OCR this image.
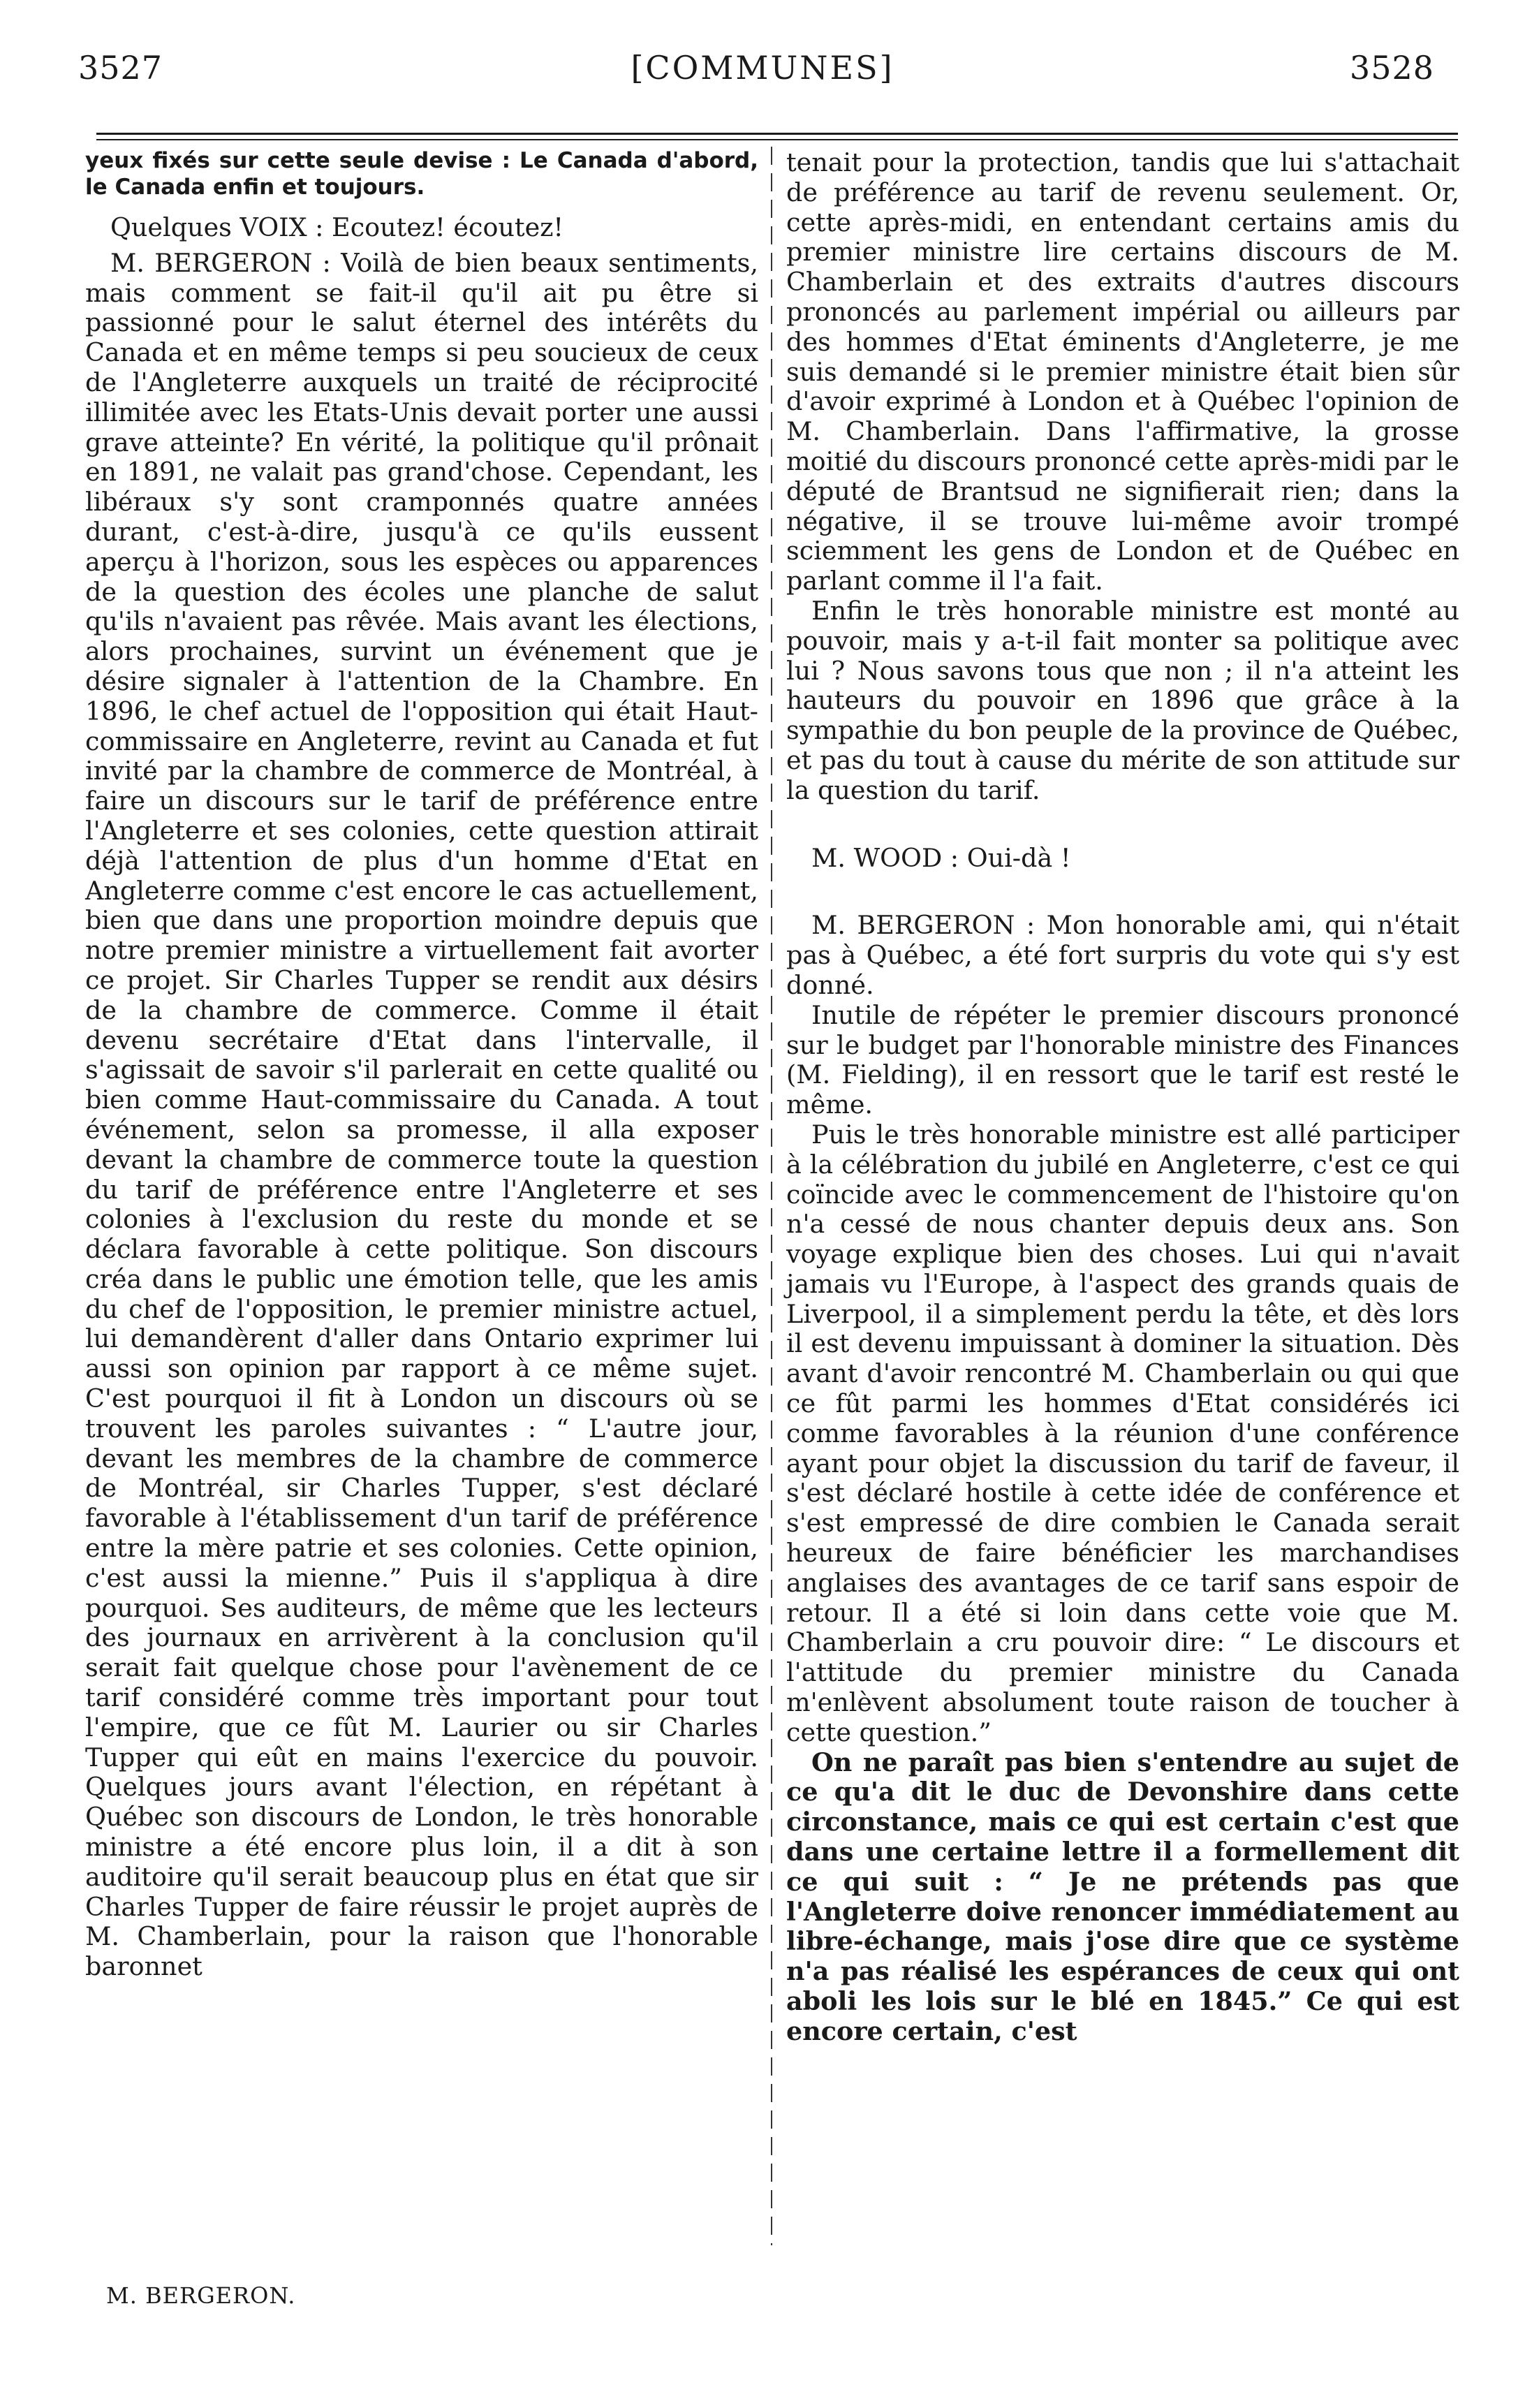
3527	[COMMUNES]	3528

yeux fixés sur cette seule devise : Le Canada d'abord, le Canada enfin et toujours.

Quelques VOIX : Ecoutez! écoutez!

M. BERGERON : Voilà de bien beaux sentiments, mais comment se fait-il qu'il ait pu être si passionné pour le salut éternel des intérêts du Canada et en même temps si peu soucieux de ceux de l'Angleterre auxquels un traité de réciprocité illimitée avec les Etats-Unis devait porter une aussi grave atteinte? En vérité, la politique qu'il prônait en 1891, ne valait pas grand'chose. Cependant, les libéraux s'y sont cramponnés quatre années durant, c'est-à-dire, jusqu'à ce qu'ils eussent aperçu à l'horizon, sous les espèces ou apparences de la question des écoles une planche de salut qu'ils n'avaient pas rêvée. Mais avant les élections, alors prochaines, survint un événement que je désire signaler à l'attention de la Chambre. En 1896, le chef actuel de l'opposition qui était Haut-commissaire en Angleterre, revint au Canada et fut invité par la chambre de commerce de Montréal, à faire un discours sur le tarif de préférence entre l'Angleterre et ses colonies, cette question attirait déjà l'attention de plus d'un homme d'Etat en Angleterre comme c'est encore le cas actuellement, bien que dans une proportion moindre depuis que notre premier ministre a virtuellement fait avorter ce projet. Sir Charles Tupper se rendit aux désirs de la chambre de commerce. Comme il était devenu secrétaire d'Etat dans l'intervalle, il s'agissait de savoir s'il parlerait en cette qualité ou bien comme Haut-commissaire du Canada. A tout événement, selon sa promesse, il alla exposer devant la chambre de commerce toute la question du tarif de préférence entre l'Angleterre et ses colonies à l'exclusion du reste du monde et se déclara favorable à cette politique. Son discours créa dans le public une émotion telle, que les amis du chef de l'opposition, le premier ministre actuel, lui demandèrent d'aller dans Ontario exprimer lui aussi son opinion par rapport à ce même sujet. C'est pourquoi il fit à London un discours où se trouvent les paroles suivantes : “ L'autre jour, devant les membres de la chambre de commerce de Montréal, sir Charles Tupper, s'est déclaré favorable à l'établissement d'un tarif de préférence entre la mère patrie et ses colonies. Cette opinion, c'est aussi la mienne.” Puis il s'appliqua à dire pourquoi. Ses auditeurs, de même que les lecteurs des journaux en arrivèrent à la conclusion qu'il serait fait quelque chose pour l'avènement de ce tarif considéré comme très important pour tout l'empire, que ce fût M. Laurier ou sir Charles Tupper qui eût en mains l'exercice du pouvoir. Quelques jours avant l'élection, en répétant à Québec son discours de London, le très honorable ministre a été encore plus loin, il a dit à son auditoire qu'il serait beaucoup plus en état que sir Charles Tupper de faire réussir le projet auprès de M. Chamberlain, pour la raison que l'honorable baronnet

tenait pour la protection, tandis que lui s'attachait de préférence au tarif de revenu seulement. Or, cette après-midi, en entendant certains amis du premier ministre lire certains discours de M. Chamberlain et des extraits d'autres discours prononcés au parlement impérial ou ailleurs par des hommes d'Etat éminents d'Angleterre, je me suis demandé si le premier ministre était bien sûr d'avoir exprimé à London et à Québec l'opinion de M. Chamberlain. Dans l'affirmative, la grosse moitié du discours prononcé cette après-midi par le député de Brantsud ne signifierait rien; dans la négative, il se trouve lui-même avoir trompé sciemment les gens de London et de Québec en parlant comme il l'a fait.

Enfin le très honorable ministre est monté au pouvoir, mais y a-t-il fait monter sa politique avec lui ? Nous savons tous que non ; il n'a atteint les hauteurs du pouvoir en 1896 que grâce à la sympathie du bon peuple de la province de Québec, et pas du tout à cause du mérite de son attitude sur la question du tarif.

M. WOOD : Oui-dà !

M. BERGERON : Mon honorable ami, qui n'était pas à Québec, a été fort surpris du vote qui s'y est donné.

Inutile de répéter le premier discours prononcé sur le budget par l'honorable ministre des Finances (M. Fielding), il en ressort que le tarif est resté le même.

Puis le très honorable ministre est allé participer à la célébration du jubilé en Angleterre, c'est ce qui coïncide avec le commencement de l'histoire qu'on n'a cessé de nous chanter depuis deux ans. Son voyage explique bien des choses. Lui qui n'avait jamais vu l'Europe, à l'aspect des grands quais de Liverpool, il a simplement perdu la tête, et dès lors il est devenu impuissant à dominer la situation. Dès avant d'avoir rencontré M. Chamberlain ou qui que ce fût parmi les hommes d'Etat considérés ici comme favorables à la réunion d'une conférence ayant pour objet la discussion du tarif de faveur, il s'est déclaré hostile à cette idée de conférence et s'est empressé de dire combien le Canada serait heureux de faire bénéficier les marchandises anglaises des avantages de ce tarif sans espoir de retour. Il a été si loin dans cette voie que M. Chamberlain a cru pouvoir dire: “ Le discours et l'attitude du premier ministre du Canada m'enlèvent absolument toute raison de toucher à cette question.”

On ne paraît pas bien s'entendre au sujet de ce qu'a dit le duc de Devonshire dans cette circonstance, mais ce qui est certain c'est que dans une certaine lettre il a formellement dit ce qui suit : “ Je ne prétends pas que l'Angleterre doive renoncer immédiatement au libre-échange, mais j'ose dire que ce système n'a pas réalisé les espérances de ceux qui ont aboli les lois sur le blé en 1845.” Ce qui est encore certain, c'est

M. BERGERON.
